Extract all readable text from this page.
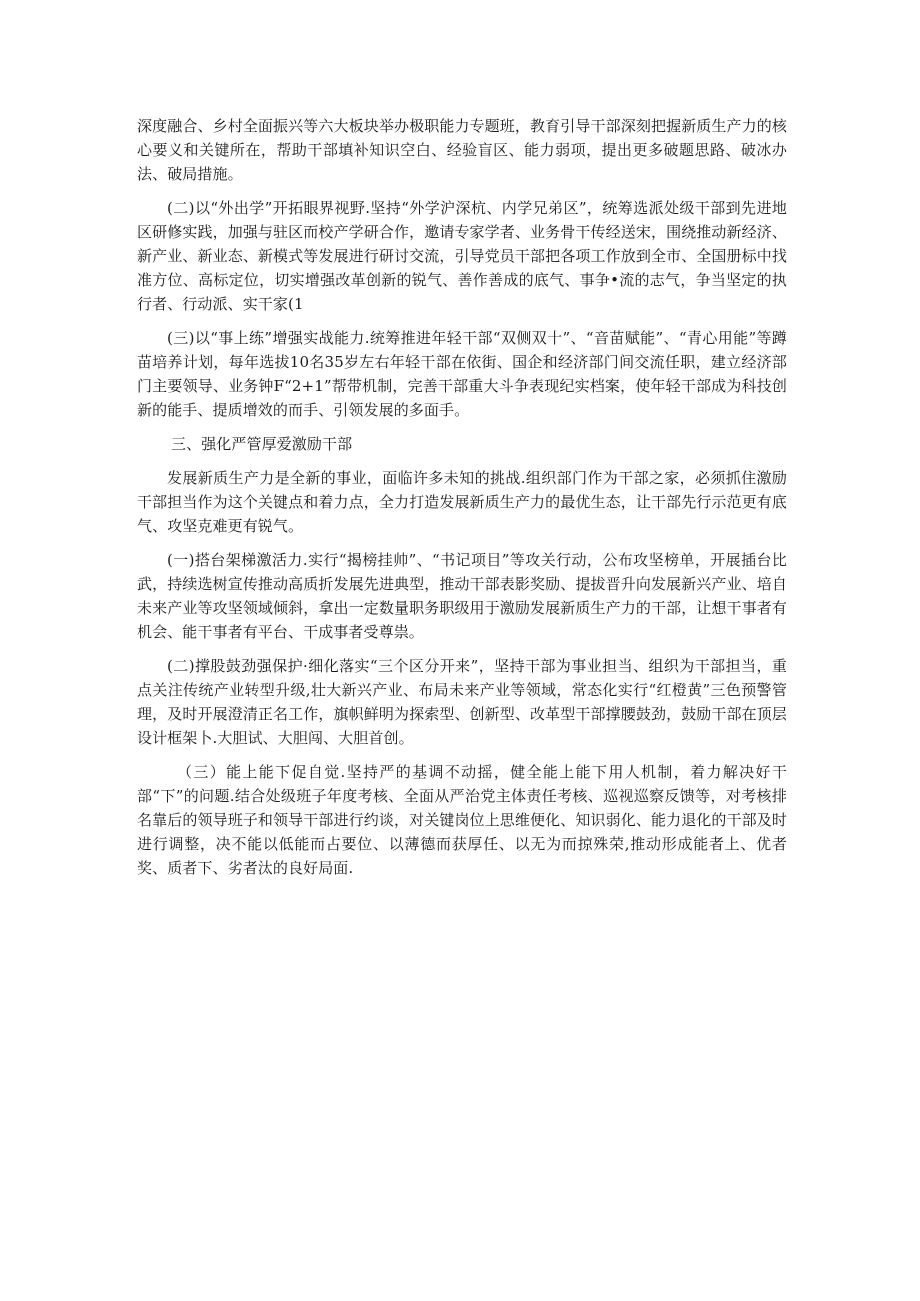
深度融合、乡村全面振兴等六大板块举办极职能力专题班，教育引导干部深刻把握新质生产力的核心要义和关键所在，帮助干部填补知识空白、经验盲区、能力弱项，提出更多破题思路、破冰办法、破局措施。

(二)以“外出学”开拓眼界视野.坚持“外学沪深杭、内学兄弟区”，统筹选派处级干部到先进地区研修实践，加强与驻区而校产学研合作，邀请专家学者、业务骨干传经送宋，围绕推动新经济、新产业、新业态、新模式等发展进行研讨交流，引导党员干部把各项工作放到全市、全国册标中找准方位、高标定位，切实增强改革创新的锐气、善作善成的底气、事争•流的志气，争当坚定的执行者、行动派、实干家(1

(三)以“事上练”增强实战能力.统筹推进年轻干部“双侧双十”、“音苗赋能”、“青心用能”等蹲苗培养计划，每年选拔10名35岁左右年轻干部在依街、国企和经济部门间交流任职，建立经济部门主要领导、业务钟F“2+1”帮带机制，完善干部重大斗争表现纪实档案，使年轻干部成为科技创新的能手、提质增效的而手、引领发展的多面手。

三、强化严管厚爱激励干部

发展新质生产力是全新的事业，面临许多未知的挑战.组织部门作为干部之家，必须抓住激励干部担当作为这个关键点和着力点，全力打造发展新质生产力的最优生态，让干部先行示范更有底气、攻坚克难更有锐气。

(一)搭台架梯激活力.实行“揭榜挂帅”、“书记项目”等攻关行动，公布攻坚榜单，开展插台比武，持续选树宣传推动高质折发展先进典型，推动干部表影奖励、提拔晋升向发展新兴产业、培自未来产业等攻坚领域倾斜，拿出一定数量职务职级用于激励发展新质生产力的干部，让想干事者有机会、能干事者有平台、干成事者受尊祟。

(二)撑股鼓劲强保护·细化落实“三个区分开来”，坚持干部为事业担当、组织为干部担当，重点关注传统产业转型升级,壮大新兴产业、布局未来产业等领域，常态化实行“红橙黄”三色预警管理，及时开展澄清正名工作，旗帜鲜明为探索型、创新型、改革型干部撑腰鼓劲，鼓励干部在顶层设计框架卜.大胆试、大胆闯、大胆首创。

（三）能上能下促自觉.坚持严的基调不动摇，健全能上能下用人机制，着力解决好干部“下”的问题.结合处级班子年度考核、全面从严治党主体责任考核、巡视巡察反馈等，对考核排名靠后的领导班子和领导干部进行约谈，对关键岗位上思维便化、知识弱化、能力退化的干部及时进行调整，决不能以低能而占要位、以薄德而获厚任、以无为而掠殊荣,推动形成能者上、优者奖、质者下、劣者汰的良好局面.
